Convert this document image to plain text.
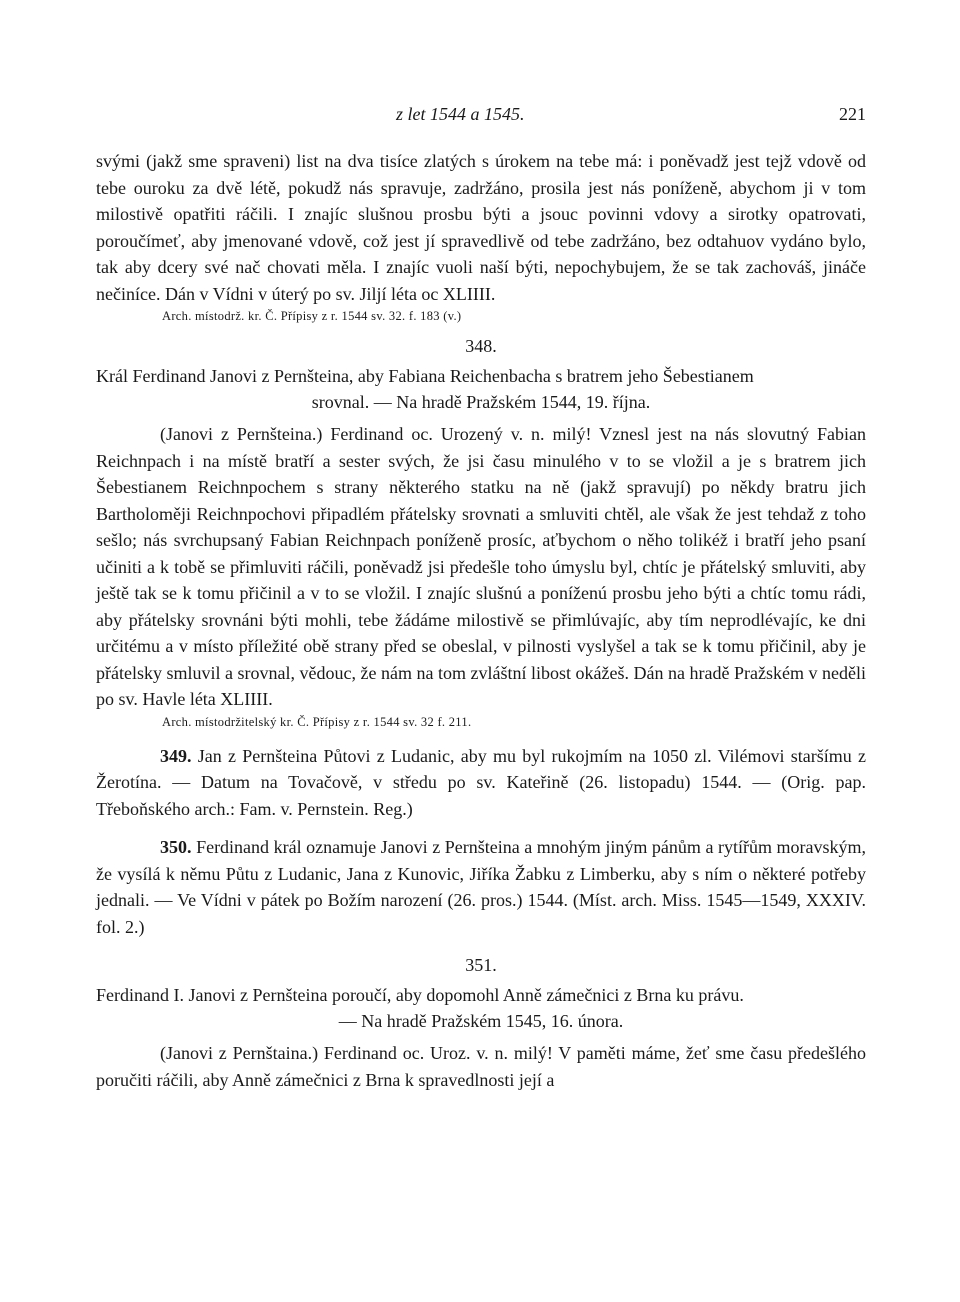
z let 1544 a 1545.	221

svými (jakž sme spraveni) list na dva tisíce zlatých s úrokem na tebe má: i poněvadž jest tejž vdově od tebe ouroku za dvě létě, pokudž nás spravuje, zadržáno, prosila jest nás poníženě, abychom ji v tom milostivě opatřiti ráčili. I znajíc slušnou prosbu býti a jsouc povinni vdovy a sirotky opatrovati, poroučímeť, aby jmenované vdově, což jest jí spravedlivě od tebe zadržáno, bez odtahuov vydáno bylo, tak aby dcery své nač chovati měla. I znajíc vuoli naší býti, nepochybujem, že se tak zachováš, jináče nečiníce. Dán v Vídni v úterý po sv. Jiljí léta oc XLIIII.

Arch. místodrž. kr. Č. Přípisy z r. 1544 sv. 32. f. 183 (v.)

348.
Král Ferdinand Janovi z Pernšteina, aby Fabiana Reichenbacha s bratrem jeho Šebestianem
srovnal. — Na hradě Pražském 1544, 19. října.

(Janovi z Pernšteina.) Ferdinand oc. Urozený v. n. milý! Vznesl jest na nás slovutný Fabian Reichnpach i na místě bratří a sester svých, že jsi času minulého v to se vložil a je s bratrem jich Šebestianem Reichnpochem s strany některého statku na ně (jakž spravují) po někdy bratru jich Bartholoměji Reichnpochovi připadlém přátelsky srovnati a smluviti chtěl, ale však že jest tehdaž z toho sešlo; nás svrchupsaný Fabian Reichnpach poníženě prosíc, aťbychom o něho tolikéž i bratří jeho psaní učiniti a k tobě se přimluviti ráčili, poněvadž jsi předešle toho úmyslu byl, chtíc je přátelský smluviti, aby ještě tak se k tomu přičinil a v to se vložil. I znajíc slušnú a poníženú prosbu jeho býti a chtíc tomu rádi, aby přátelsky srovnáni býti mohli, tebe žádáme milostivě se přimlúvajíc, aby tím neprodlévajíc, ke dni určitému a v místo příležité obě strany před se obeslal, v pilnosti vyslyšel a tak se k tomu přičinil, aby je přátelsky smluvil a srovnal, vědouc, že nám na tom zvláštní libost okážeš. Dán na hradě Pražském v neděli po sv. Havle léta XLIIII.

Arch. místodržitelský kr. Č. Přípisy z r. 1544 sv. 32 f. 211.

349. Jan z Pernšteina Půtovi z Ludanic, aby mu byl rukojmím na 1050 zl. Vilémovi staršímu z Žerotína. — Datum na Tovačově, v středu po sv. Kateřině (26. listopadu) 1544. — (Orig. pap. Třeboňského arch.: Fam. v. Pernstein. Reg.)

350. Ferdinand král oznamuje Janovi z Pernšteina a mnohým jiným pánům a rytířům moravským, že vysílá k němu Půtu z Ludanic, Jana z Kunovic, Jiříka Žabku z Limberku, aby s ním o některé potřeby jednali. — Ve Vídni v pátek po Božím narození (26. pros.) 1544. (Míst. arch. Miss. 1545—1549, XXXIV. fol. 2.)

351.
Ferdinand I. Janovi z Pernšteina poroučí, aby dopomohl Anně zámečnici z Brna ku právu.
— Na hradě Pražském 1545, 16. února.

(Janovi z Pernštaina.) Ferdinand oc. Uroz. v. n. milý! V paměti máme, žeť sme času předešlého poručiti ráčili, aby Anně zámečnici z Brna k spravedlnosti její a
